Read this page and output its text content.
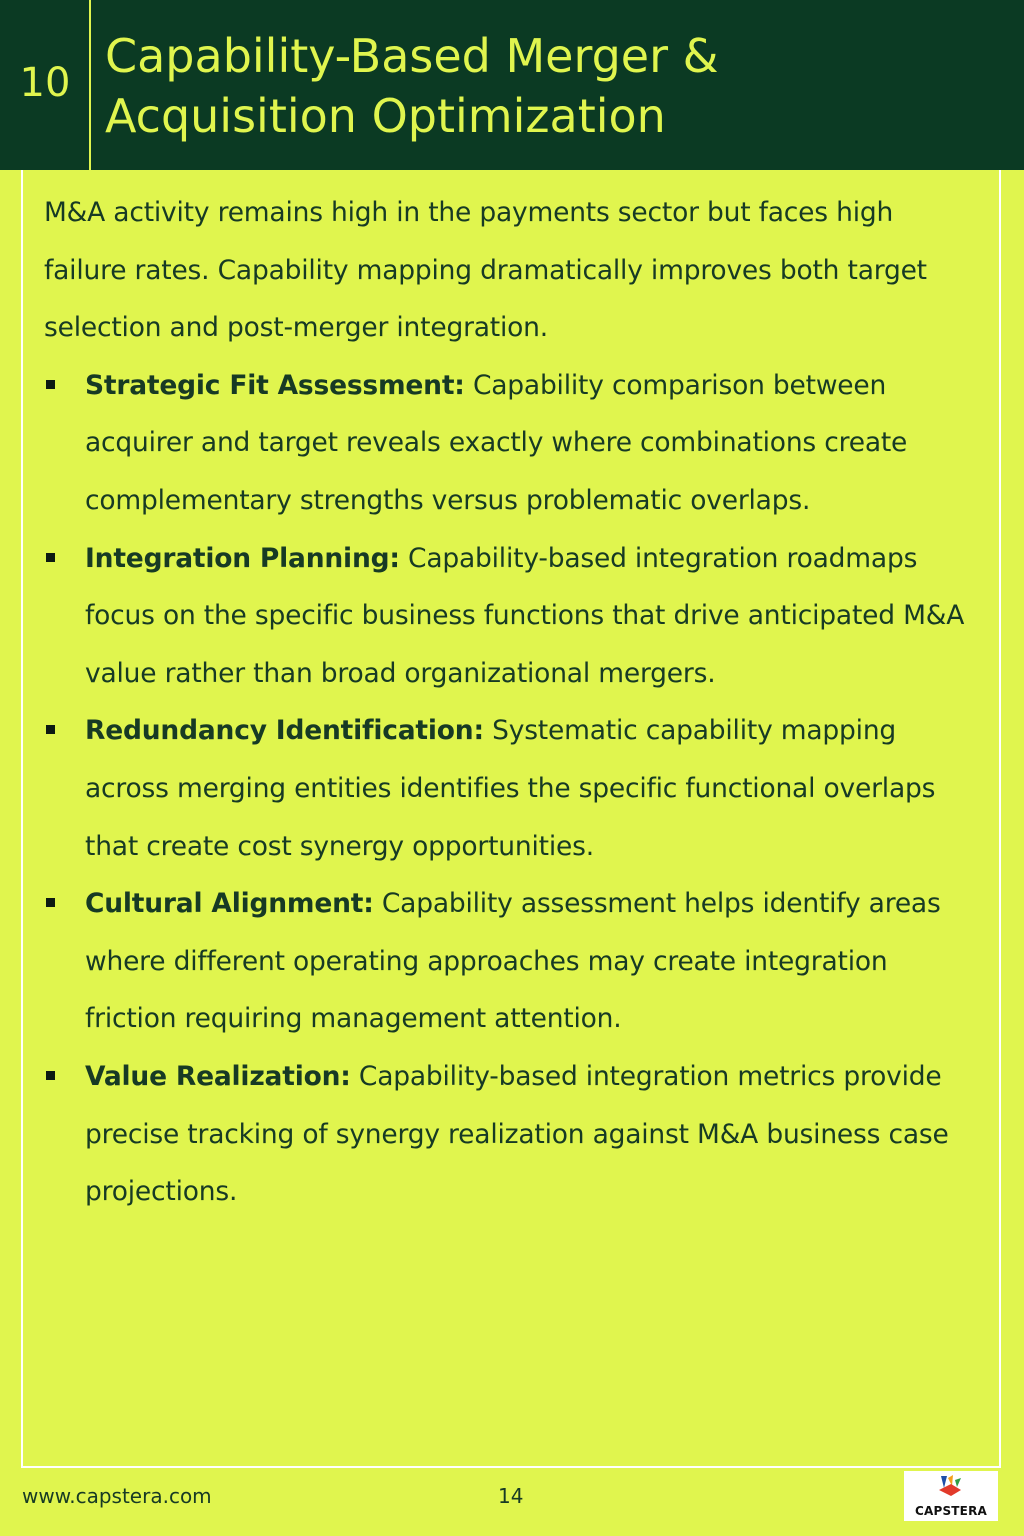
10 Capability-Based Merger &
Acquisition Optimization

M&A activity remains high in the payments sector but faces high failure rates. Capability mapping dramatically improves both target selection and post-merger integration.

Strategic Fit Assessment: Capability comparison between acquirer and target reveals exactly where combinations create complementary strengths versus problematic overlaps.
Integration Planning: Capability-based integration roadmaps focus on the specific business functions that drive anticipated M&A value rather than broad organizational mergers.
Redundancy Identification: Systematic capability mapping across merging entities identifies the specific functional overlaps that create cost synergy opportunities.
Cultural Alignment: Capability assessment helps identify areas where different operating approaches may create integration friction requiring management attention.
Value Realization: Capability-based integration metrics provide precise tracking of synergy realization against M&A business case projections.
www.capstera.com	14
CAPSTERA
